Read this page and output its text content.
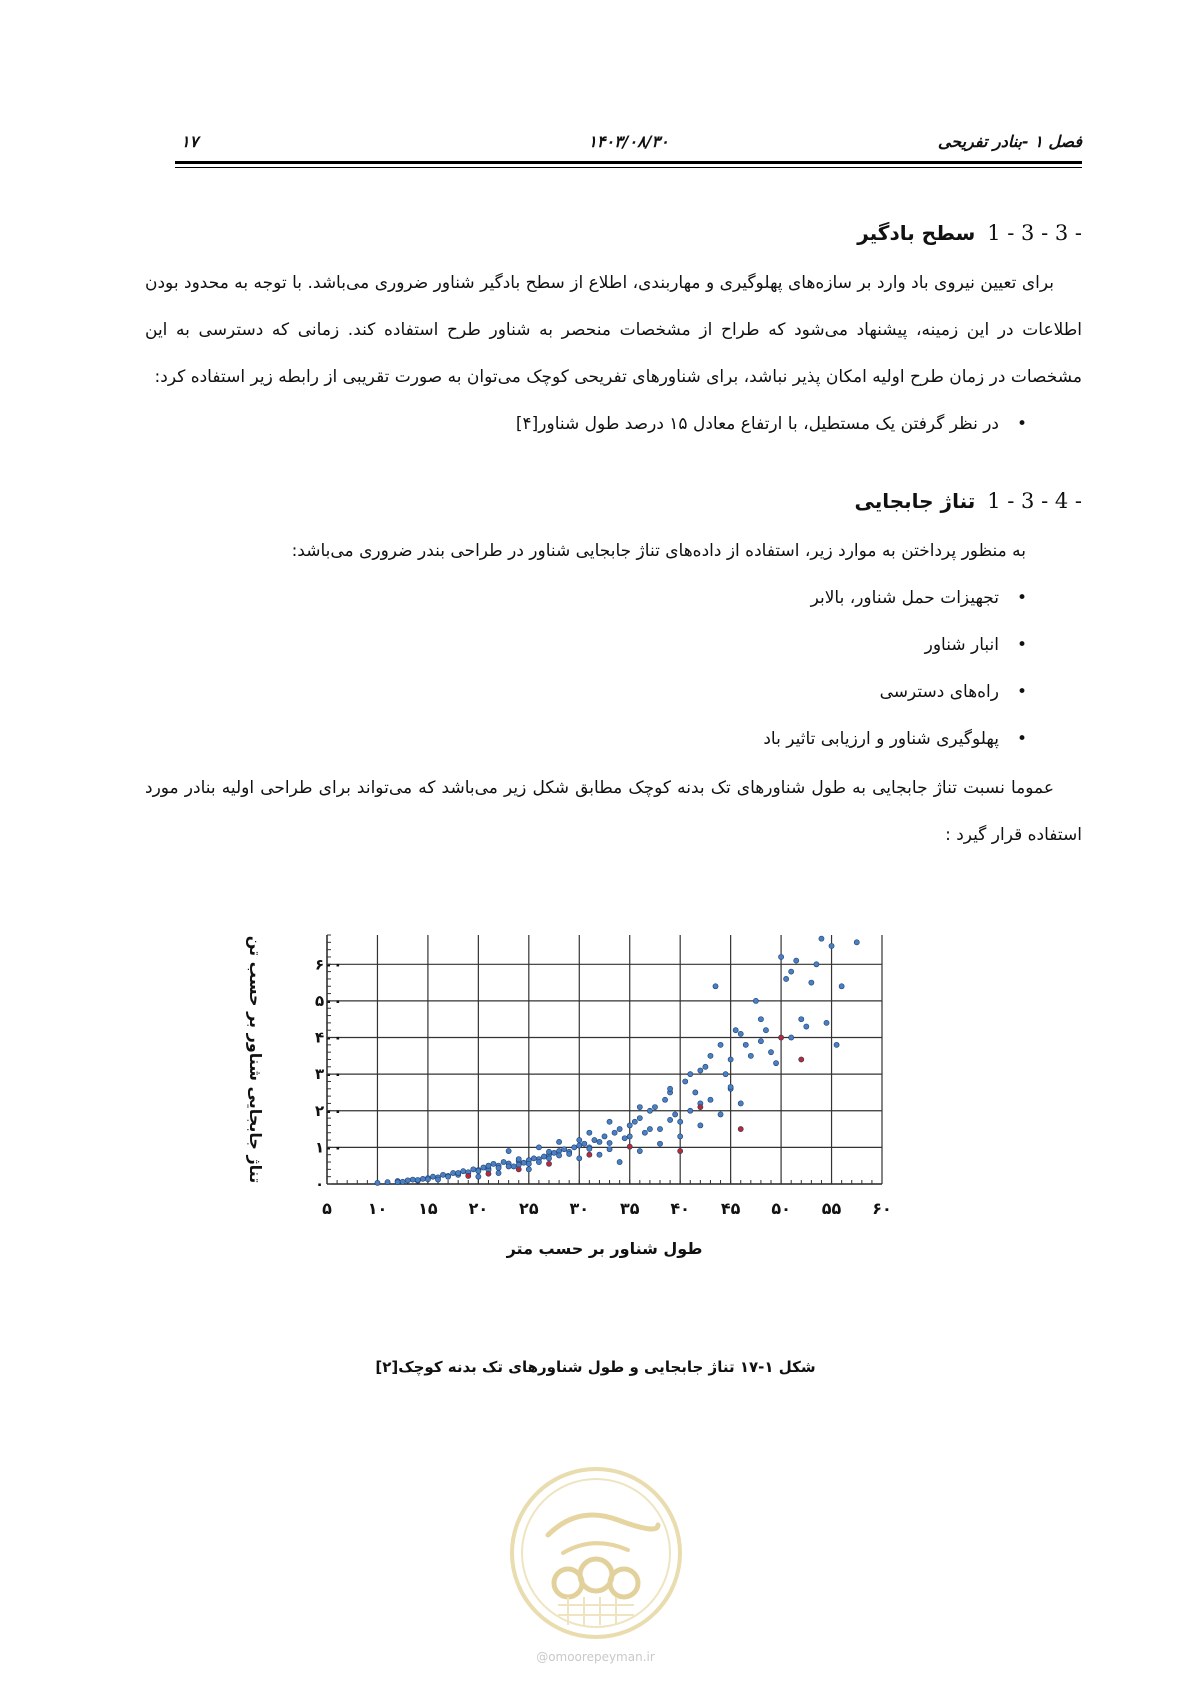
فصل ۱ -بنادر تفریحی
۱۴۰۳/۰۸/۳۰
۱۷
1 - 3 - 3 -
سطح بادگیر

برای تعیین نیروی باد وارد بر سازه‌های پهلوگیری و مهاربندی، اطلاع از سطح بادگیر شناور ضروری می‌باشد. با توجه به محدود بودن اطلاعات در این زمینه، پیشنهاد می‌شود که طراح از مشخصات منحصر به شناور طرح استفاده کند. زمانی که دسترسی به این مشخصات در زمان طرح اولیه امکان پذیر نباشد، برای شناورهای تفریحی کوچک می‌توان به صورت تقریبی از رابطه زیر استفاده کرد:

•
در نظر گرفتن یک مستطیل، با ارتفاع معادل ۱۵ درصد طول شناور[۴]
1 - 3 - 4 -
تناژ جابجایی

به منظور پرداختن به موارد زیر، استفاده از داده‌های تناژ جابجایی شناور در طراحی بندر ضروری می‌باشد:

•
تجهیزات حمل شناور، بالابر
•
انبار شناور
•
راه‌های دسترسی
•
پهلوگیری شناور و ارزیابی تاثیر باد

عموما نسبت تناژ جابجایی به طول شناورهای تک بدنه کوچک مطابق شکل زیر می‌باشد که می‌تواند برای طراحی اولیه بنادر مورد استفاده قرار گیرد :

۵ ۱۰ ۱۵ ۲۰ ۲۵ ۳۰ ۳۵ ۴۰ ۴۵ ۵۰ ۵۵ ۶۰
۰
۱۰۰
۲۰۰
۳۰۰
۴۰۰
۵۰۰
۶۰۰
طول شناور بر حسب متر
تناژ جابجایی شناور بر حسب تن
شکل ۱-۱۷ تناژ جابجایی و طول شناورهای تک بدنه کوچک[۲]
@omoorepeyman.ir
